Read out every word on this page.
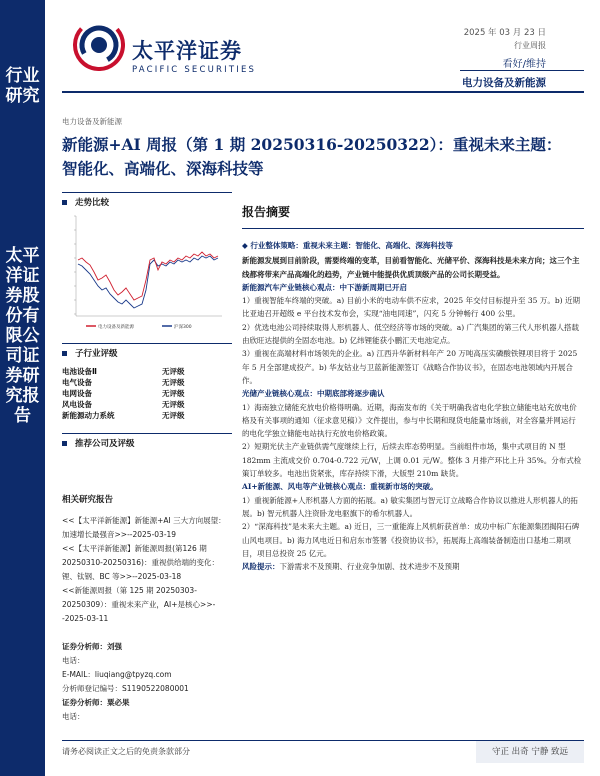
行业研究
太平洋证券股份有限公司证券研究报告
太平洋证券
PACIFIC SECURITIES
2025 年 03 月 23 日
行业周报
看好/维持
电力设备及新能源
电力设备及新能源
新能源+AI 周报（第 1 期 20250316-20250322）：重视未来主题：智能化、高端化、深海科技等
走势比较
电力设备及新能源	沪深300
子行业评级
电池设备Ⅱ	无评级
电气设备	无评级
电网设备	无评级
风电设备	无评级
新能源动力系统	无评级
推荐公司及评级
相关研究报告
<<【太平洋新能源】新能源+AI 三大方向展望：加速增长最强音>>--2025-03-19
<<【太平洋新能源】新能源周报(第126 期 20250310-20250316)：重视供给端的变化：锂、钛钢、BC 等>>--2025-03-18
<<新能源周报（第 125 期 20250303-20250309）：重视未来产业，AI+是核心>>--2025-03-11
证券分析师：刘强
电话：
E-MAIL：liuqiang@tpyzq.com
分析师登记编号：S1190522080001
证券分析师：粟必果
电话：
报告摘要
◆ 行业整体策略：重视未来主题：智能化、高端化、深海科技等
新能源发展到目前阶段，需要终端的变革，目前看智能化、光储平价、深海科技是未来方向；这三个主线都将带来产品高端化的趋势，产业链中能提供优质顶级产品的公司长期受益。
新能源汽车产业链核心观点：中下游新周期已开启
1）重视智能车终端的突破。a) 目前小米的电动车供不应求，2025 年交付目标提升至 35 万。b) 近期比亚迪召开超级 e 平台技术发布会，实现“油电同速”，闪充 5 分钟畅行 400 公里。
2）优选电池公司持续取得人形机器人、低空经济等市场的突破。a) 广汽集团的第三代人形机器人搭载由欣旺达提供的全固态电池。b) 亿纬锂能获小鹏汇天电池定点。
3）重视在高端材料市场领先的企业。a) 江西升华新材料年产 20 万吨高压实磷酸铁锂项目将于 2025 年 5 月全部建成投产。b) 华友钴业与卫蓝新能源签订《战略合作协议书》，在固态电池领域内开展合作。
光储产业链核心观点：中期底部将逐步确认
1）海南独立储能充放电价格得明确。近期，海南发布的《关于明确我省电化学独立储能电站充放电价格及有关事项的通知（征求意见稿）》文件提出，参与中长期和现货电能量市场前，对全容量并网运行的电化学独立储能电站执行充放电价格政策。
2）短期光伏主产业链供需气度继续上行，后续去库态势明显。当前组件市场，集中式项目的 N 型 182mm 主流成交价 0.704-0.722 元/W，上调 0.01 元/W。整体 3 月排产环比上升 35%。分布式检策订单较多。电池出货紧张，库存持续下滑，大版型 210m 缺货。
AI+新能源、风电等产业链核心观点：重视新市场的突破。
1）重视新能源+人形机器人方面的拓展。a) 敏实集团与智元订立战略合作协议以推进人形机器人的拓展。b) 智元机器人注资卧龙电驱旗下的希尔机器人。
2）“深海科技”是未来大主题。a) 近日，三一重能海上风机斩获首单：成功中标广东能源集团揭阳石碑山风电项目。b) 海力风电近日和启东市签署《投资协议书》，拓展海上高端装备制造出口基地二期项目，项目总投资 25 亿元。
风险提示：下游需求不及预期、行业竞争加剧、技术进步不及预期
请务必阅读正文之后的免责条款部分	守正 出奇 宁静 致远
